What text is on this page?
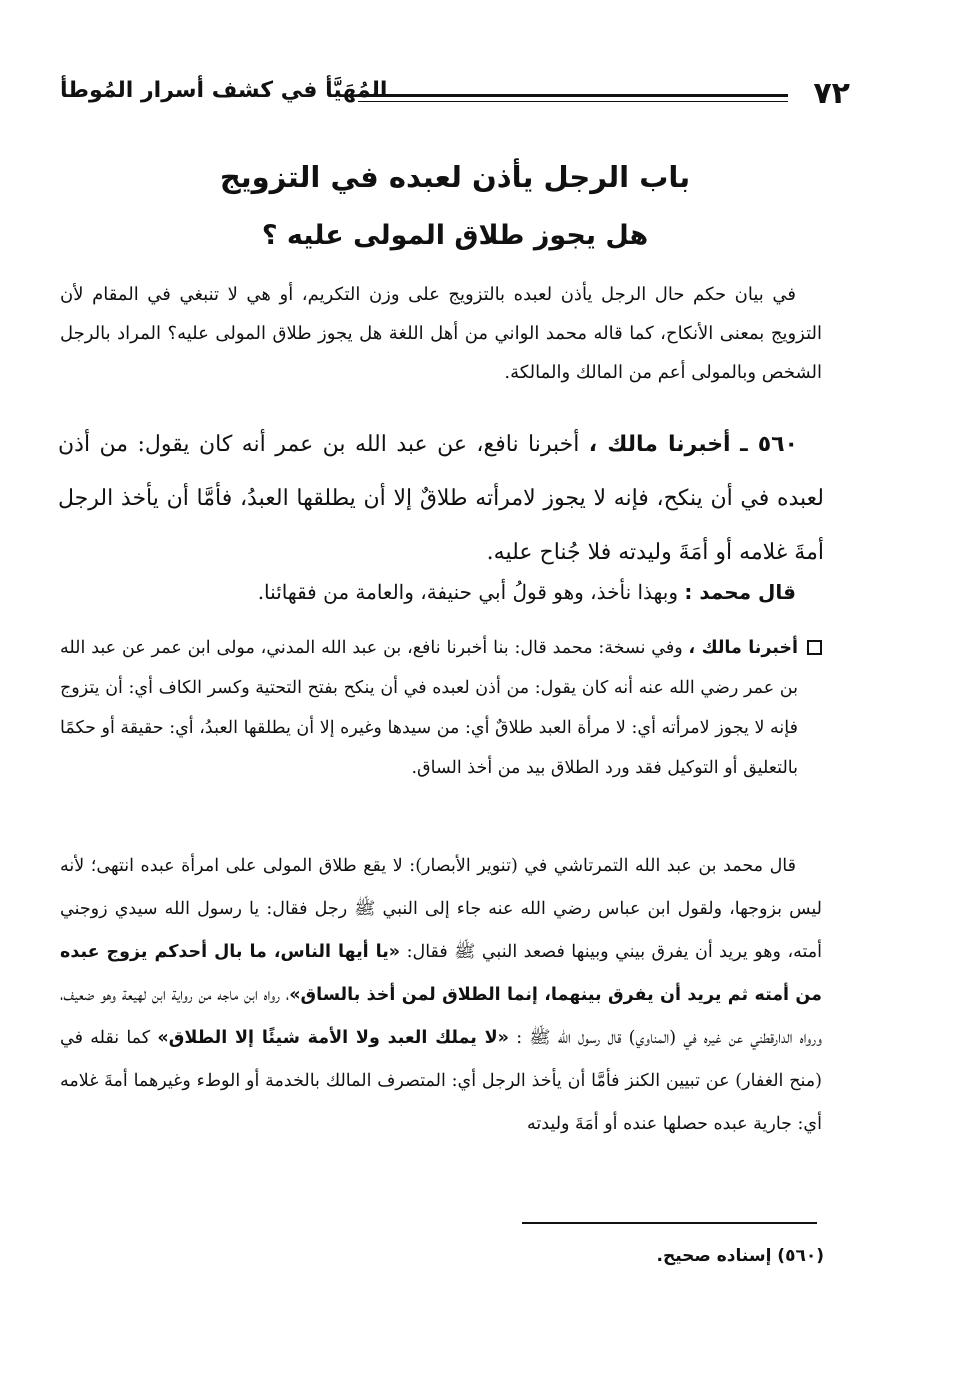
٧٢
المُهَيَّأ في كشف أسرار المُوطأ
باب الرجل يأذن لعبده في التزويج
هل يجوز طلاق المولى عليه ؟
في بيان حكم حال الرجل يأذن لعبده بالتزويج على وزن التكريم، أو هي لا تنبغي في المقام لأن التزويج بمعنى الأنكاح، كما قاله محمد الواني من أهل اللغة هل يجوز طلاق المولى عليه؟ المراد بالرجل الشخص وبالمولى أعم من المالك والمالكة.
٥٦٠ ـ أخبرنا مالك ، أخبرنا نافع، عن عبد الله بن عمر أنه كان يقول: من أذن لعبده في أن ينكح، فإنه لا يجوز لامرأته طلاقٌ إلا أن يطلقها العبدُ، فأمَّا أن يأخذ الرجل أمةَ غلامه أو أمَةَ وليدته فلا جُناح عليه.
قال محمد : وبهذا نأخذ، وهو قولُ أبي حنيفة، والعامة من فقهائنا.
أخبرنا مالك ، وفي نسخة: محمد قال: بنا أخبرنا نافع، بن عبد الله المدني، مولى ابن عمر عن عبد الله بن عمر رضي الله عنه أنه كان يقول: من أذن لعبده في أن ينكح بفتح التحتية وكسر الكاف أي: أن يتزوج فإنه لا يجوز لامرأته أي: لا مرأة العبد طلاقٌ أي: من سيدها وغيره إلا أن يطلقها العبدُ، أي: حقيقة أو حكمًا بالتعليق أو التوكيل فقد ورد الطلاق بيد من أخذ الساق.
قال محمد بن عبد الله التمرتاشي في (تنوير الأبصار): لا يقع طلاق المولى على امرأة عبده انتهى؛ لأنه ليس بزوجها، ولقول ابن عباس رضي الله عنه جاء إلى النبي ﷺ رجل فقال: يا رسول الله سيدي زوجني أمته، وهو يريد أن يفرق بيني وبينها فصعد النبي ﷺ فقال: «يا أيها الناس، ما بال أحدكم يزوج عبده من أمته ثم يريد أن يفرق بينهما، إنما الطلاق لمن أخذ بالساق»، رواه ابن ماجه من رواية ابن لهيعة وهو ضعيف، ورواه الدارقطني عن غيره في (المناوي) قال رسول الله ﷺ : «لا يملك العبد ولا الأمة شيئًا إلا الطلاق» كما نقله في (منح الغفار) عن تبيين الكنز فأمَّا أن يأخذ الرجل أي: المتصرف المالك بالخدمة أو الوطء وغيرهما أمةَ غلامه أي: جارية عبده حصلها عنده أو أمَةَ وليدته
(٥٦٠) إسناده صحيح.
